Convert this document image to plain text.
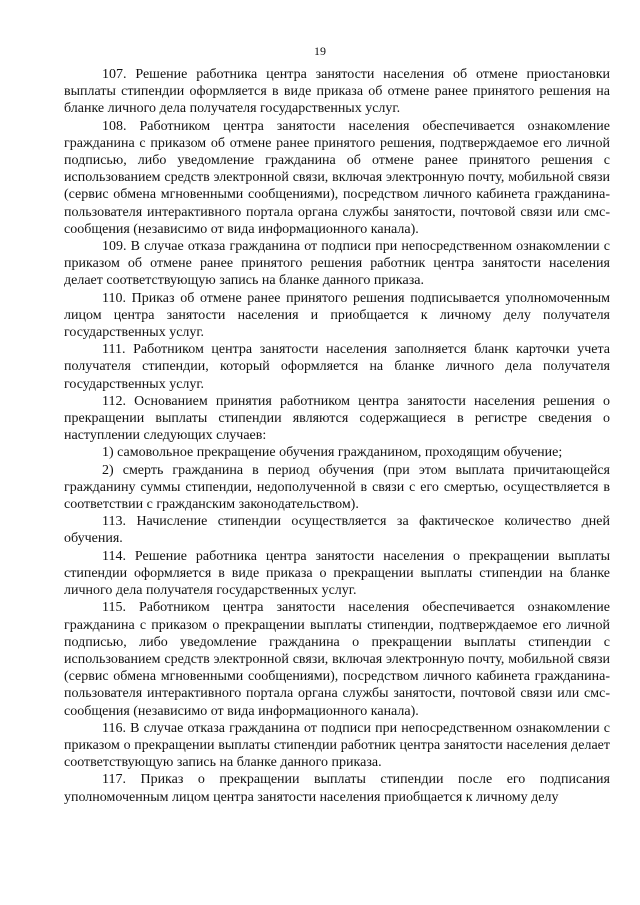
19

107. Решение работника центра занятости населения об отмене приостановки выплаты стипендии оформляется в виде приказа об отмене ранее принятого решения на бланке личного дела получателя государственных услуг.

108. Работником центра занятости населения обеспечивается ознакомление гражданина с приказом об отмене ранее принятого решения, подтверждаемое его личной подписью, либо уведомление гражданина об отмене ранее принятого решения с использованием средств электронной связи, включая электронную почту, мобильной связи (сервис обмена мгновенными сообщениями), посредством личного кабинета гражданина-пользователя интерактивного портала органа службы занятости, почтовой связи или смс-сообщения (независимо от вида информационного канала).

109. В случае отказа гражданина от подписи при непосредственном ознакомлении с приказом об отмене ранее принятого решения работник центра занятости населения делает соответствующую запись на бланке данного приказа.

110. Приказ об отмене ранее принятого решения подписывается уполномоченным лицом центра занятости населения и приобщается к личному делу получателя государственных услуг.

111. Работником центра занятости населения заполняется бланк карточки учета получателя стипендии, который оформляется на бланке личного дела получателя государственных услуг.

112. Основанием принятия работником центра занятости населения решения о прекращении выплаты стипендии являются содержащиеся в регистре сведения о наступлении следующих случаев:

1) самовольное прекращение обучения гражданином, проходящим обучение;

2) смерть гражданина в период обучения (при этом выплата причитающейся гражданину суммы стипендии, недополученной в связи с его смертью, осуществляется в соответствии с гражданским законодательством).

113. Начисление стипендии осуществляется за фактическое количество дней обучения.

114. Решение работника центра занятости населения о прекращении выплаты стипендии оформляется в виде приказа о прекращении выплаты стипендии на бланке личного дела получателя государственных услуг.

115. Работником центра занятости населения обеспечивается ознакомление гражданина с приказом о прекращении выплаты стипендии, подтверждаемое его личной подписью, либо уведомление гражданина о прекращении выплаты стипендии с использованием средств электронной связи, включая электронную почту, мобильной связи (сервис обмена мгновенными сообщениями), посредством личного кабинета гражданина-пользователя интерактивного портала органа службы занятости, почтовой связи или смс-сообщения (независимо от вида информационного канала).

116. В случае отказа гражданина от подписи при непосредственном ознакомлении с приказом о прекращении выплаты стипендии работник центра занятости населения делает соответствующую запись на бланке данного приказа.

117. Приказ о прекращении выплаты стипендии после его подписания уполномоченным лицом центра занятости населения приобщается к личному делу
